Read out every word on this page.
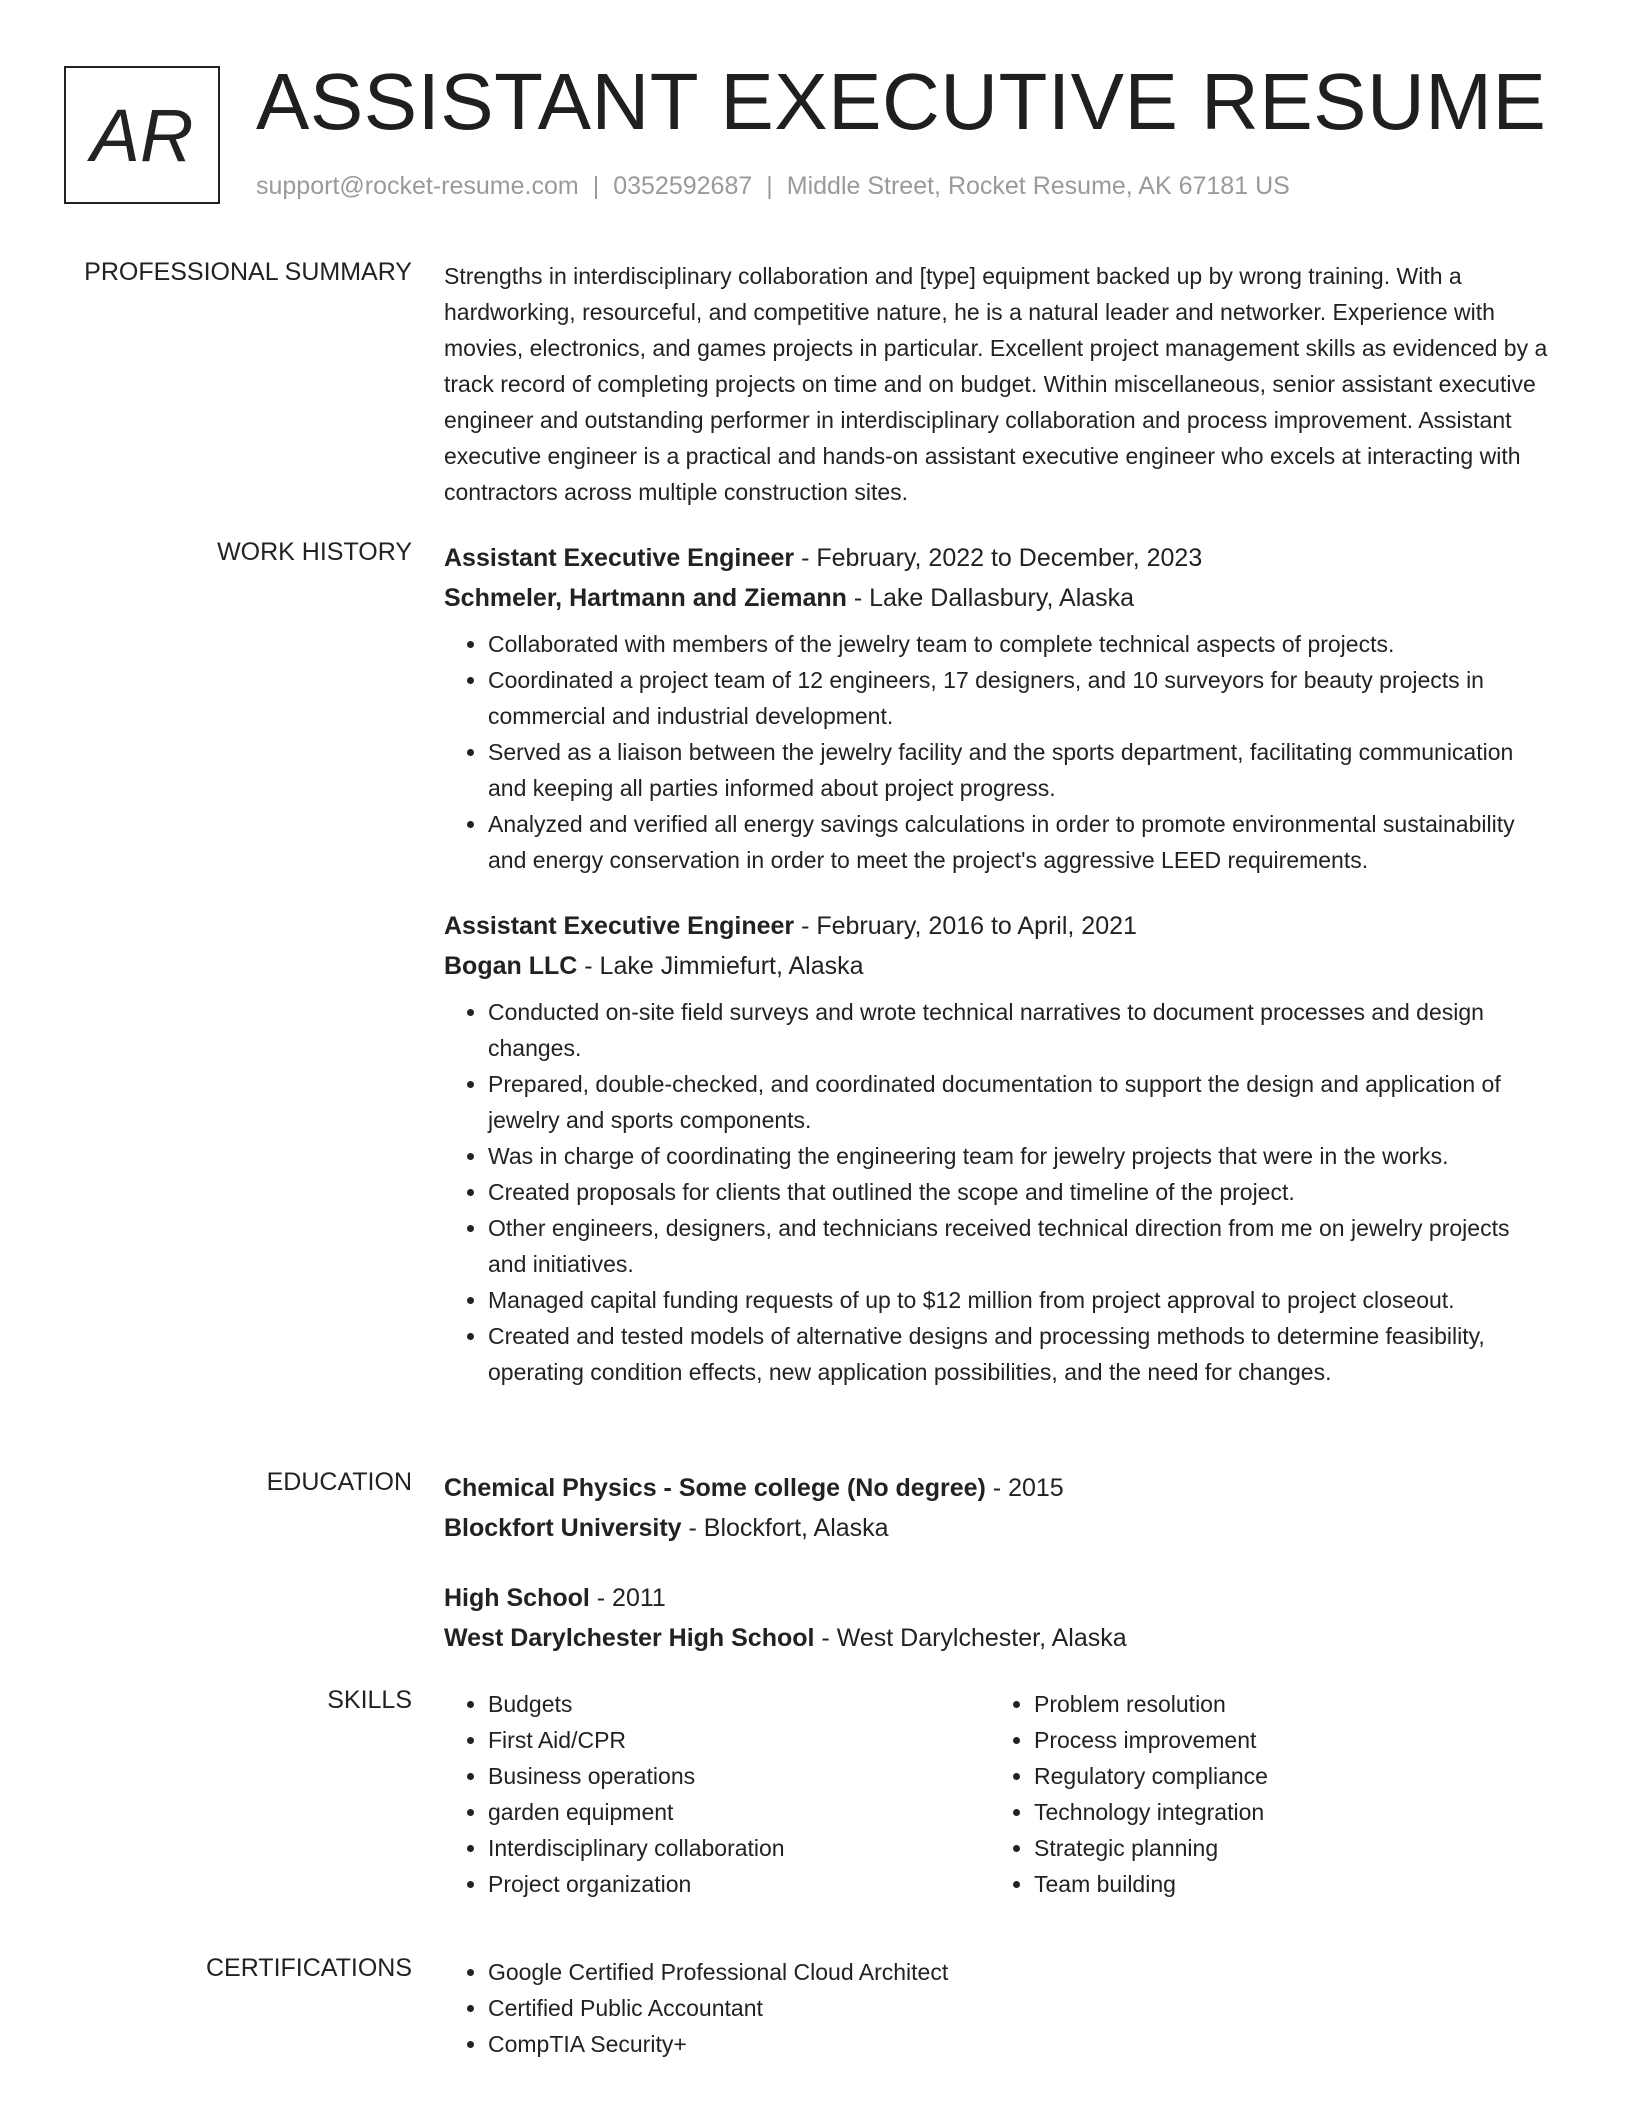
AR ASSISTANT EXECUTIVE RESUME
support@rocket-resume.com | 0352592687 | Middle Street, Rocket Resume, AK 67181 US
PROFESSIONAL SUMMARY Strengths in interdisciplinary collaboration and [type] equipment backed up by wrong training. With a hardworking, resourceful, and competitive nature, he is a natural leader and networker. Experience with movies, electronics, and games projects in particular. Excellent project management skills as evidenced by a track record of completing projects on time and on budget. Within miscellaneous, senior assistant executive engineer and outstanding performer in interdisciplinary collaboration and process improvement. Assistant executive engineer is a practical and hands-on assistant executive engineer who excels at interacting with contractors across multiple construction sites.

WORK HISTORY Assistant Executive Engineer - February, 2022 to December, 2023
Schmeler, Hartmann and Ziemann - Lake Dallasbury, Alaska
• Collaborated with members of the jewelry team to complete technical aspects of projects.
• Coordinated a project team of 12 engineers, 17 designers, and 10 surveyors for beauty projects in commercial and industrial development.
• Served as a liaison between the jewelry facility and the sports department, facilitating communication and keeping all parties informed about project progress.
• Analyzed and verified all energy savings calculations in order to promote environmental sustainability and energy conservation in order to meet the project's aggressive LEED requirements.
Assistant Executive Engineer - February, 2016 to April, 2021
Bogan LLC - Lake Jimmiefurt, Alaska
• Conducted on-site field surveys and wrote technical narratives to document processes and design changes.
• Prepared, double-checked, and coordinated documentation to support the design and application of jewelry and sports components.
• Was in charge of coordinating the engineering team for jewelry projects that were in the works.
• Created proposals for clients that outlined the scope and timeline of the project.
• Other engineers, designers, and technicians received technical direction from me on jewelry projects and initiatives.
• Managed capital funding requests of up to $12 million from project approval to project closeout.
• Created and tested models of alternative designs and processing methods to determine feasibility, operating condition effects, new application possibilities, and the need for changes.
EDUCATION Chemical Physics - Some college (No degree) - 2015
Blockfort University - Blockfort, Alaska
High School - 2011
West Darylchester High School - West Darylchester, Alaska
SKILLS	• Budgets
• First Aid/CPR
• Business operations
• garden equipment
• Interdisciplinary collaboration
• Project organization
• Problem resolution
• Process improvement
• Regulatory compliance
• Technology integration
• Strategic planning
• Team building
CERTIFICATIONS	• Google Certified Professional Cloud Architect
• Certified Public Accountant
• CompTIA Security+
